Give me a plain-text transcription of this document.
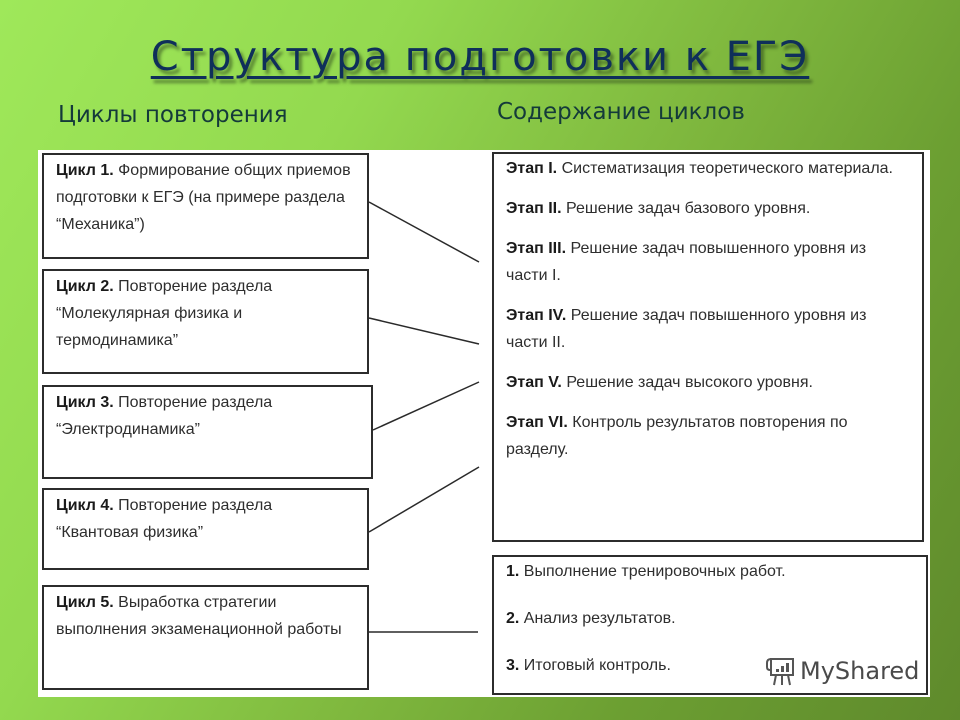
Структура подготовки к ЕГЭ
Циклы повторения	Содержание циклов
Цикл 1. Формирование общих приемов подготовки к ЕГЭ (на примере раздела “Механика”)
Цикл 2. Повторение раздела “Молекулярная физика и термодинамика”
Цикл 3. Повторение раздела “Электродинамика”
Цикл 4. Повторение раздела “Квантовая физика”
Цикл 5. Выработка стратегии выполнения экзаменационной работы
Этап I. Систематизация теоретического материала.
Этап II. Решение задач базового уровня.
Этап III. Решение задач повышенного уровня из части I.
Этап IV. Решение задач повышенного уровня из части II.
Этап V. Решение задач высокого уровня.
Этап VI. Контроль результатов повторения по разделу.
1. Выполнение тренировочных работ.
2. Анализ результатов.
3. Итоговый контроль.	MyShared
